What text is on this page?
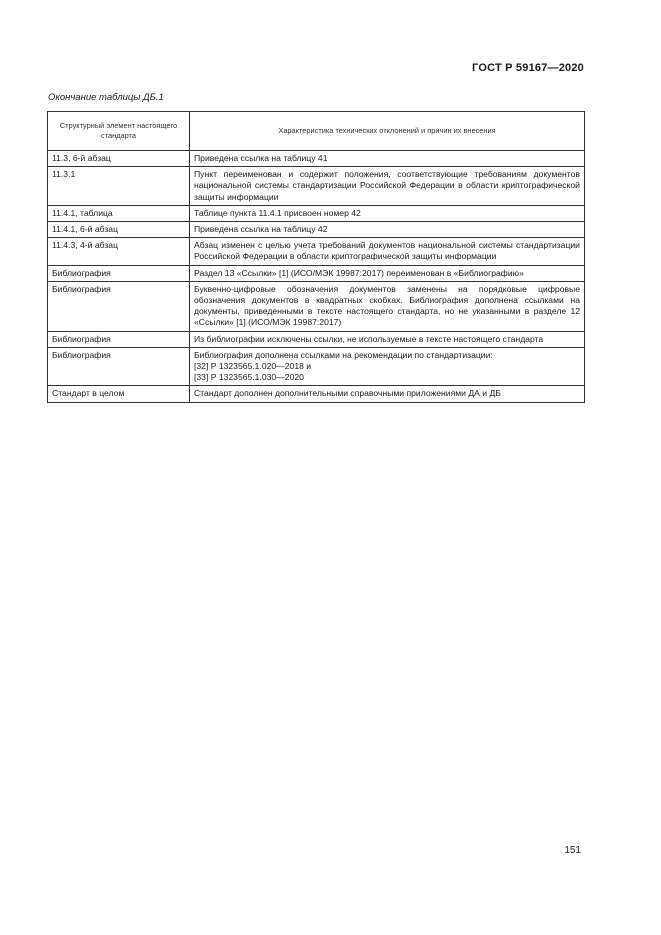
ГОСТ Р 59167—2020
Окончание таблицы ДБ.1
Структурный элемент настоящего стандарта	Характеристика технических отклонений и причин их внесения
11.3, 6-й абзац	Приведена ссылка на таблицу 41
11.3.1	Пункт переименован и содержит положения, соответствующие требованиям документов национальной системы стандартизации Российской Федерации в области криптографической защиты информации
11.4.1, таблица	Таблице пункта 11.4.1 присвоен номер 42
11.4.1, 6-й абзац	Приведена ссылка на таблицу 42
11.4.3, 4-й абзац	Абзац изменен с целью учета требований документов национальной системы стандартизации Российской Федерации в области криптографической защиты информации
Библиография	Раздел 13 «Ссылки» [1] (ИСО/МЭК 19987:2017) переименован в «Библиографию»
Библиография	Буквенно-цифровые обозначения документов заменены на порядковые цифровые обозначения документов в квадратных скобках. Библиография дополнена ссылками на документы, приведенными в тексте настоящего стандарта, но не указанными в разделе 12 «Ссылки» [1] (ИСО/МЭК 19987:2017)
Библиография	Из библиографии исключены ссылки, не используемые в тексте настоящего стандарта
Библиография	Библиография дополнена ссылками на рекомендации по стандартизации:
[32] Р 1323565.1.020—2018 и
[33] Р 1323565.1.030—2020

Стандарт в целом	Стандарт дополнен дополнительными справочными приложениями ДА и ДБ
151
